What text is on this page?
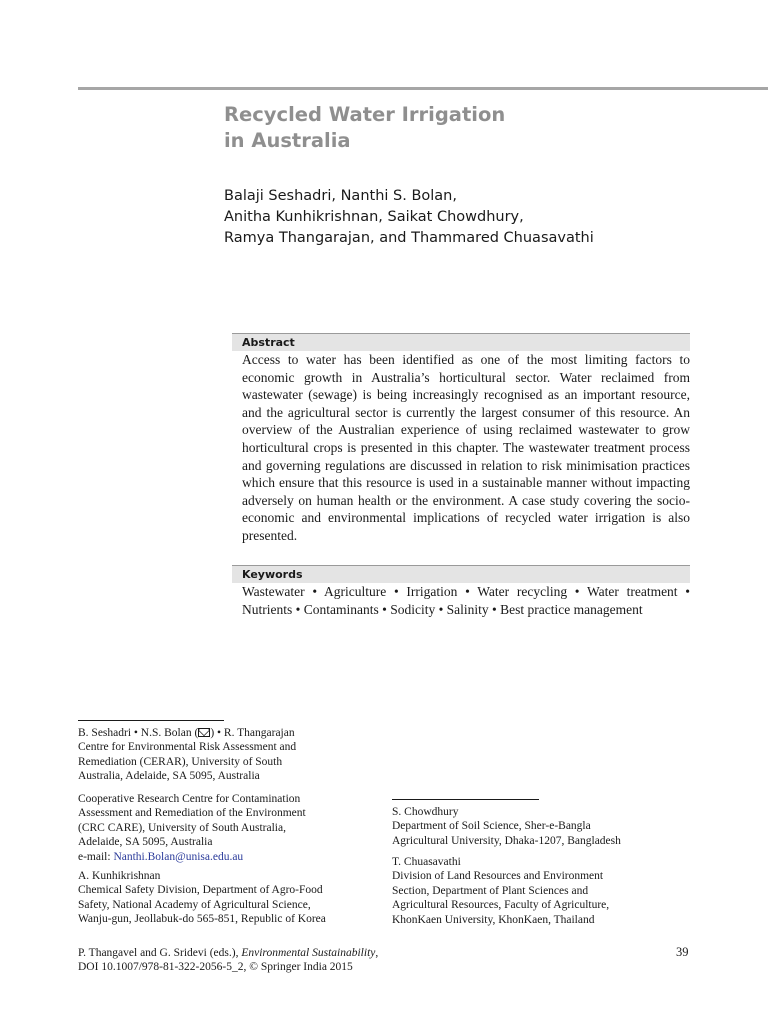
Recycled Water Irrigation
in Australia
Balaji Seshadri, Nanthi S. Bolan,
Anitha Kunhikrishnan, Saikat Chowdhury,
Ramya Thangarajan, and Thammared Chuasavathi
Abstract
Access to water has been identified as one of the most limiting factors to economic growth in Australia’s horticultural sector. Water reclaimed from wastewater (sewage) is being increasingly recognised as an important resource, and the agricultural sector is currently the largest consumer of this resource. An overview of the Australian experience of using reclaimed wastewater to grow horticultural crops is presented in this chapter. The wastewater treatment process and governing regulations are discussed in relation to risk minimisation practices which ensure that this resource is used in a sustainable manner without impacting adversely on human health or the environment. A case study covering the socio-economic and environmental implications of recycled water irrigation is also presented.
Keywords
Wastewater • Agriculture • Irrigation • Water recycling • Water treatment • Nutrients • Contaminants • Sodicity • Salinity • Best practice management
B. Seshadri • N.S. Bolan ( ) • R. Thangarajan
Centre for Environmental Risk Assessment and
Remediation (CERAR), University of South
Australia, Adelaide, SA 5095, Australia
Cooperative Research Centre for Contamination
Assessment and Remediation of the Environment
(CRC CARE), University of South Australia,
Adelaide, SA 5095, Australia
e-mail: Nanthi.Bolan@unisa.edu.au
A. Kunhikrishnan
Chemical Safety Division, Department of Agro-Food
Safety, National Academy of Agricultural Science,
Wanju-gun, Jeollabuk-do 565-851, Republic of Korea
S. Chowdhury
Department of Soil Science, Sher-e-Bangla
Agricultural University, Dhaka-1207, Bangladesh
T. Chuasavathi
Division of Land Resources and Environment
Section, Department of Plant Sciences and
Agricultural Resources, Faculty of Agriculture,
KhonKaen University, KhonKaen, Thailand
P. Thangavel and G. Sridevi (eds.), Environmental Sustainability,
DOI 10.1007/978-81-322-2056-5_2, © Springer India 2015
39
